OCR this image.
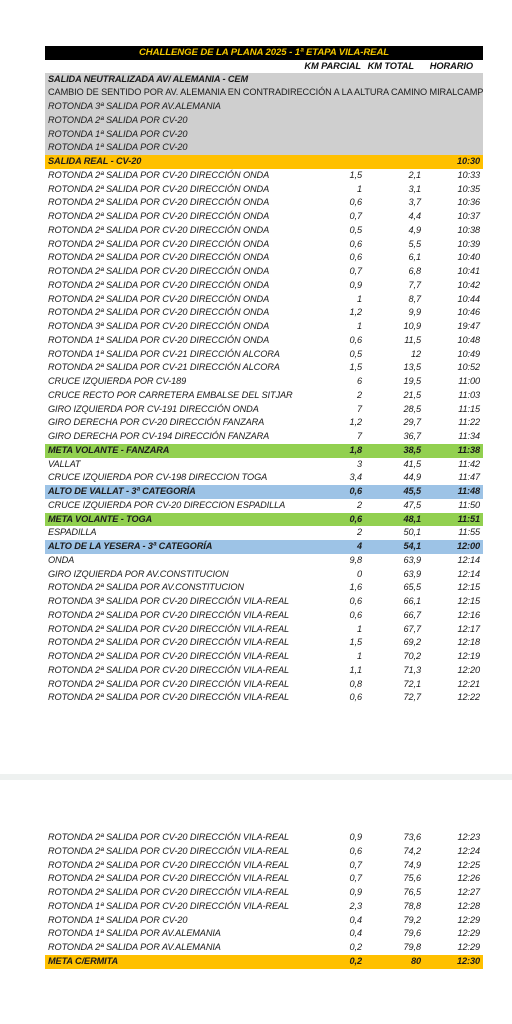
CHALLENGE DE LA PLANA 2025 - 1ª ETAPA VILA-REAL
KM PARCIAL KM TOTAL HORARIO
SALIDA NEUTRALIZADA AV/ ALEMANIA - CEM
CAMBIO DE SENTIDO POR AV. ALEMANIA EN CONTRADIRECCIÓN A LA ALTURA CAMINO MIRALCAMP
ROTONDA 3ª SALIDA POR AV.ALEMANIA
ROTONDA 2ª SALIDA POR CV-20
ROTONDA 1ª SALIDA POR CV-20
ROTONDA 1ª SALIDA POR CV-20
SALIDA REAL - CV-20	10:30
ROTONDA 2ª SALIDA POR CV-20 DIRECCIÓN ONDA	1,5	2,1	10:33
ROTONDA 2ª SALIDA POR CV-20 DIRECCIÓN ONDA	1	3,1	10:35
ROTONDA 2ª SALIDA POR CV-20 DIRECCIÓN ONDA	0,6	3,7	10:36
ROTONDA 2ª SALIDA POR CV-20 DIRECCIÓN ONDA	0,7	4,4	10:37
ROTONDA 2ª SALIDA POR CV-20 DIRECCIÓN ONDA	0,5	4,9	10:38
ROTONDA 2ª SALIDA POR CV-20 DIRECCIÓN ONDA	0,6	5,5	10:39
ROTONDA 2ª SALIDA POR CV-20 DIRECCIÓN ONDA	0,6	6,1	10:40
ROTONDA 2ª SALIDA POR CV-20 DIRECCIÓN ONDA	0,7	6,8	10:41
ROTONDA 2ª SALIDA POR CV-20 DIRECCIÓN ONDA	0,9	7,7	10:42
ROTONDA 2ª SALIDA POR CV-20 DIRECCIÓN ONDA	1	8,7	10:44
ROTONDA 2ª SALIDA POR CV-20 DIRECCIÓN ONDA	1,2	9,9	10:46
ROTONDA 3ª SALIDA POR CV-20 DIRECCIÓN ONDA	1	10,9	19:47
ROTONDA 1ª SALIDA POR CV-20 DIRECCIÓN ONDA	0,6	11,5	10:48
ROTONDA 1ª SALIDA POR CV-21 DIRECCIÓN ALCORA	0,5	12	10:49
ROTONDA 2ª SALIDA POR CV-21 DIRECCIÓN ALCORA	1,5	13,5	10:52
CRUCE IZQUIERDA POR CV-189	6	19,5	11:00
CRUCE RECTO POR CARRETERA EMBALSE DEL SITJAR	2	21,5	11:03
GIRO IZQUIERDA POR CV-191 DIRECCIÓN ONDA	7	28,5	11:15
GIRO DERECHA POR CV-20 DIRECCIÓN FANZARA	1,2	29,7	11:22
GIRO DERECHA POR CV-194 DIRECCIÓN FANZARA	7	36,7	11:34
META VOLANTE - FANZARA	1,8	38,5	11:38
VALLAT	3	41,5	11:42
CRUCE IZQUIERDA POR CV-198 DIRECCION TOGA	3,4	44,9	11:47
ALTO DE VALLAT - 3ª CATEGORÍA	0,6	45,5	11:48
CRUCE IZQUIERDA POR CV-20 DIRECCION ESPADILLA	2	47,5	11:50
META VOLANTE - TOGA	0,6	48,1	11:51
ESPADILLA	2	50,1	11:55
ALTO DE LA YESERA - 3ª CATEGORÍA	4	54,1	12:00
ONDA	9,8	63,9	12:14
GIRO IZQUIERDA POR AV.CONSTITUCION	0	63,9	12:14
ROTONDA 2ª SALIDA POR AV.CONSTITUCION	1,6	65,5	12:15
ROTONDA 3ª SALIDA POR CV-20 DIRECCIÓN VILA-REAL	0,6	66,1	12:15
ROTONDA 2ª SALIDA POR CV-20 DIRECCIÓN VILA-REAL	0,6	66,7	12:16
ROTONDA 2ª SALIDA POR CV-20 DIRECCIÓN VILA-REAL	1	67,7	12:17
ROTONDA 2ª SALIDA POR CV-20 DIRECCIÓN VILA-REAL	1,5	69,2	12:18
ROTONDA 2ª SALIDA POR CV-20 DIRECCIÓN VILA-REAL	1	70,2	12:19
ROTONDA 2ª SALIDA POR CV-20 DIRECCIÓN VILA-REAL	1,1	71,3	12:20
ROTONDA 2ª SALIDA POR CV-20 DIRECCIÓN VILA-REAL	0,8	72,1	12:21
ROTONDA 2ª SALIDA POR CV-20 DIRECCIÓN VILA-REAL	0,6	72,7	12:22
ROTONDA 2ª SALIDA POR CV-20 DIRECCIÓN VILA-REAL	0,9	73,6	12:23
ROTONDA 2ª SALIDA POR CV-20 DIRECCIÓN VILA-REAL	0,6	74,2	12:24
ROTONDA 2ª SALIDA POR CV-20 DIRECCIÓN VILA-REAL	0,7	74,9	12:25
ROTONDA 2ª SALIDA POR CV-20 DIRECCIÓN VILA-REAL	0,7	75,6	12:26
ROTONDA 2ª SALIDA POR CV-20 DIRECCIÓN VILA-REAL	0,9	76,5	12:27
ROTONDA 1ª SALIDA POR CV-20 DIRECCIÓN VILA-REAL	2,3	78,8	12:28
ROTONDA 1ª SALIDA POR CV-20	0,4	79,2	12:29
ROTONDA 1ª SALIDA POR AV.ALEMANIA	0,4	79,6	12:29
ROTONDA 2ª SALIDA POR AV.ALEMANIA	0,2	79,8	12:29
META C/ERMITA	0,2	80	12:30
